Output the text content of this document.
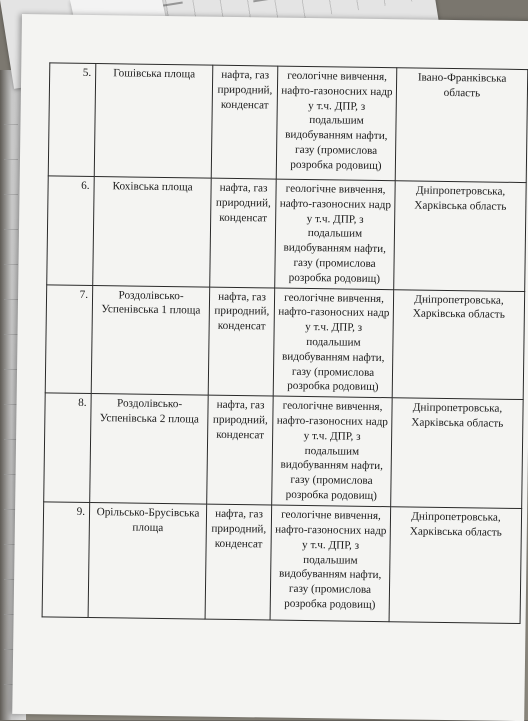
5.	Гошівська площа	нафта, газ природний, конденсат	геологічне вивчення, нафто-газоносних надр у т.ч. ДПР, з подальшим видобуванням нафти, газу (промислова розробка родовищ)	Івано-Франківська область
6.	Кохівська площа	нафта, газ природний, конденсат	геологічне вивчення, нафто-газоносних надр у т.ч. ДПР, з подальшим видобуванням нафти, газу (промислова розробка родовищ)	Дніпропетровська, Харківська область
7.	Роздолівсько-Успенівська 1 площа	нафта, газ природний, конденсат	геологічне вивчення, нафто-газоносних надр у т.ч. ДПР, з подальшим видобуванням нафти, газу (промислова розробка родовищ)	Дніпропетровська, Харківська область
8.	Роздолівсько-Успенівська 2 площа	нафта, газ природний, конденсат	геологічне вивчення, нафто-газоносних надр у т.ч. ДПР, з подальшим видобуванням нафти, газу (промислова розробка родовищ)	Дніпропетровська, Харківська область
9.	Орільсько-Брусівська площа	нафта, газ природний, конденсат	геологічне вивчення, нафто-газоносних надр у т.ч. ДПР, з подальшим видобуванням нафти, газу (промислова розробка родовищ)	Дніпропетровська, Харківська область
